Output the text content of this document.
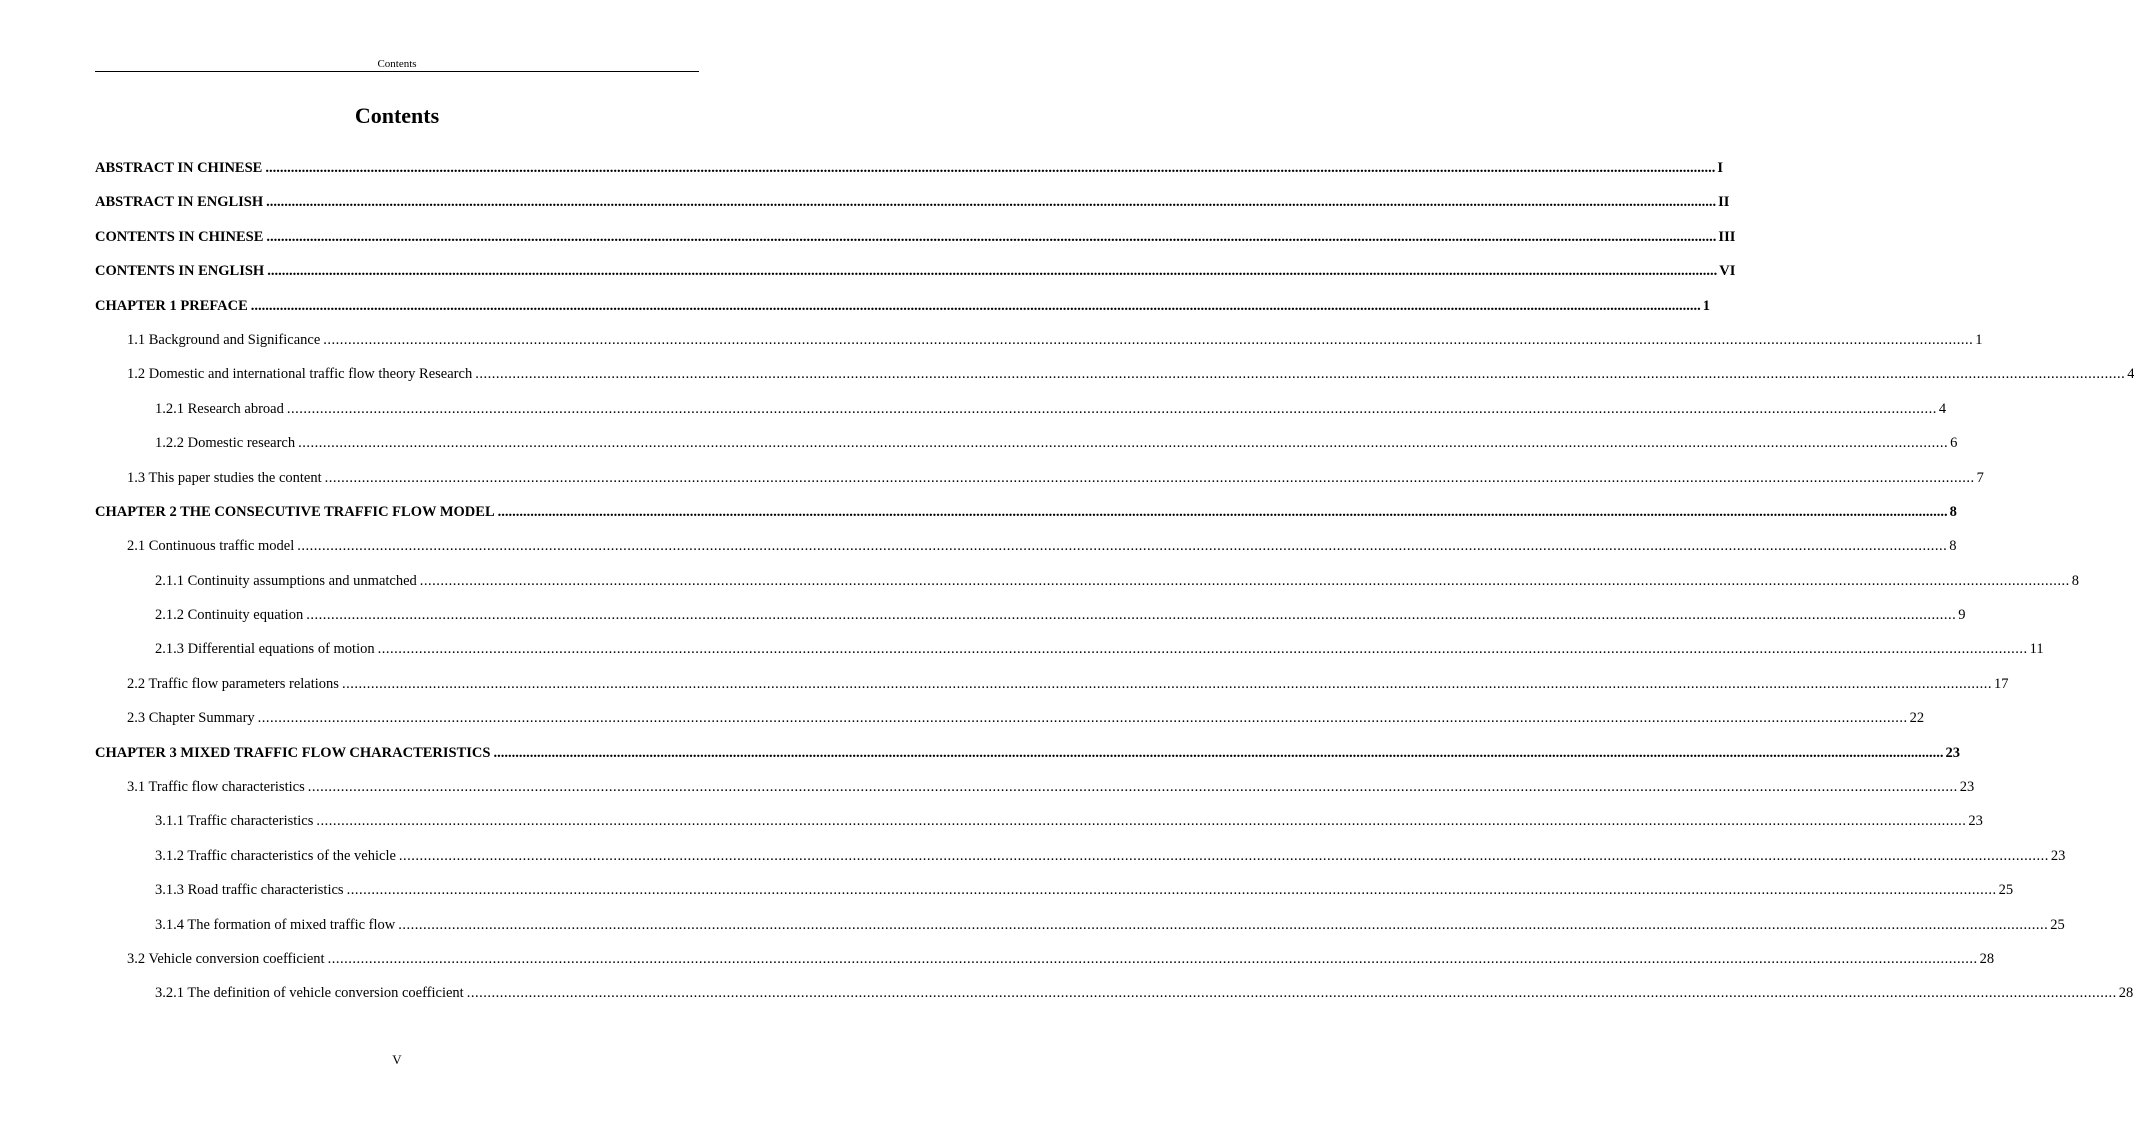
Contents
Contents
ABSTRACT IN CHINESE ................................................................................................................................................................................................................................................................................................................................................................................................................ I
ABSTRACT IN ENGLISH ................................................................................................................................................................................................................................................................................................................................................................................................................ II
CONTENTS IN CHINESE ................................................................................................................................................................................................................................................................................................................................................................................................................ III
CONTENTS IN ENGLISH ................................................................................................................................................................................................................................................................................................................................................................................................................ VI
CHAPTER 1 PREFACE ................................................................................................................................................................................................................................................................................................................................................................................................................ 1
1.1 Background and Significance ................................................................................................................................................................................................................................................................................................................................................................................................................ 1
1.2 Domestic and international traffic flow theory Research ................................................................................................................................................................................................................................................................................................................................................................................................................ 4
1.2.1 Research abroad ................................................................................................................................................................................................................................................................................................................................................................................................................ 4
1.2.2 Domestic research ................................................................................................................................................................................................................................................................................................................................................................................................................ 6
1.3 This paper studies the content ................................................................................................................................................................................................................................................................................................................................................................................................................ 7
CHAPTER 2 THE CONSECUTIVE TRAFFIC FLOW MODEL ................................................................................................................................................................................................................................................................................................................................................................................................................ 8
2.1 Continuous traffic model ................................................................................................................................................................................................................................................................................................................................................................................................................ 8
2.1.1 Continuity assumptions and unmatched ................................................................................................................................................................................................................................................................................................................................................................................................................ 8
2.1.2 Continuity equation ................................................................................................................................................................................................................................................................................................................................................................................................................ 9
2.1.3 Differential equations of motion ................................................................................................................................................................................................................................................................................................................................................................................................................ 11
2.2 Traffic flow parameters relations ................................................................................................................................................................................................................................................................................................................................................................................................................ 17
2.3 Chapter Summary ................................................................................................................................................................................................................................................................................................................................................................................................................ 22
CHAPTER 3 MIXED TRAFFIC FLOW CHARACTERISTICS ................................................................................................................................................................................................................................................................................................................................................................................................................ 23
3.1 Traffic flow characteristics ................................................................................................................................................................................................................................................................................................................................................................................................................ 23
3.1.1 Traffic characteristics ................................................................................................................................................................................................................................................................................................................................................................................................................ 23
3.1.2 Traffic characteristics of the vehicle ................................................................................................................................................................................................................................................................................................................................................................................................................ 23
3.1.3 Road traffic characteristics ................................................................................................................................................................................................................................................................................................................................................................................................................ 25
3.1.4 The formation of mixed traffic flow ................................................................................................................................................................................................................................................................................................................................................................................................................ 25
3.2 Vehicle conversion coefficient ................................................................................................................................................................................................................................................................................................................................................................................................................ 28
3.2.1 The definition of vehicle conversion coefficient ................................................................................................................................................................................................................................................................................................................................................................................................................ 28
V
